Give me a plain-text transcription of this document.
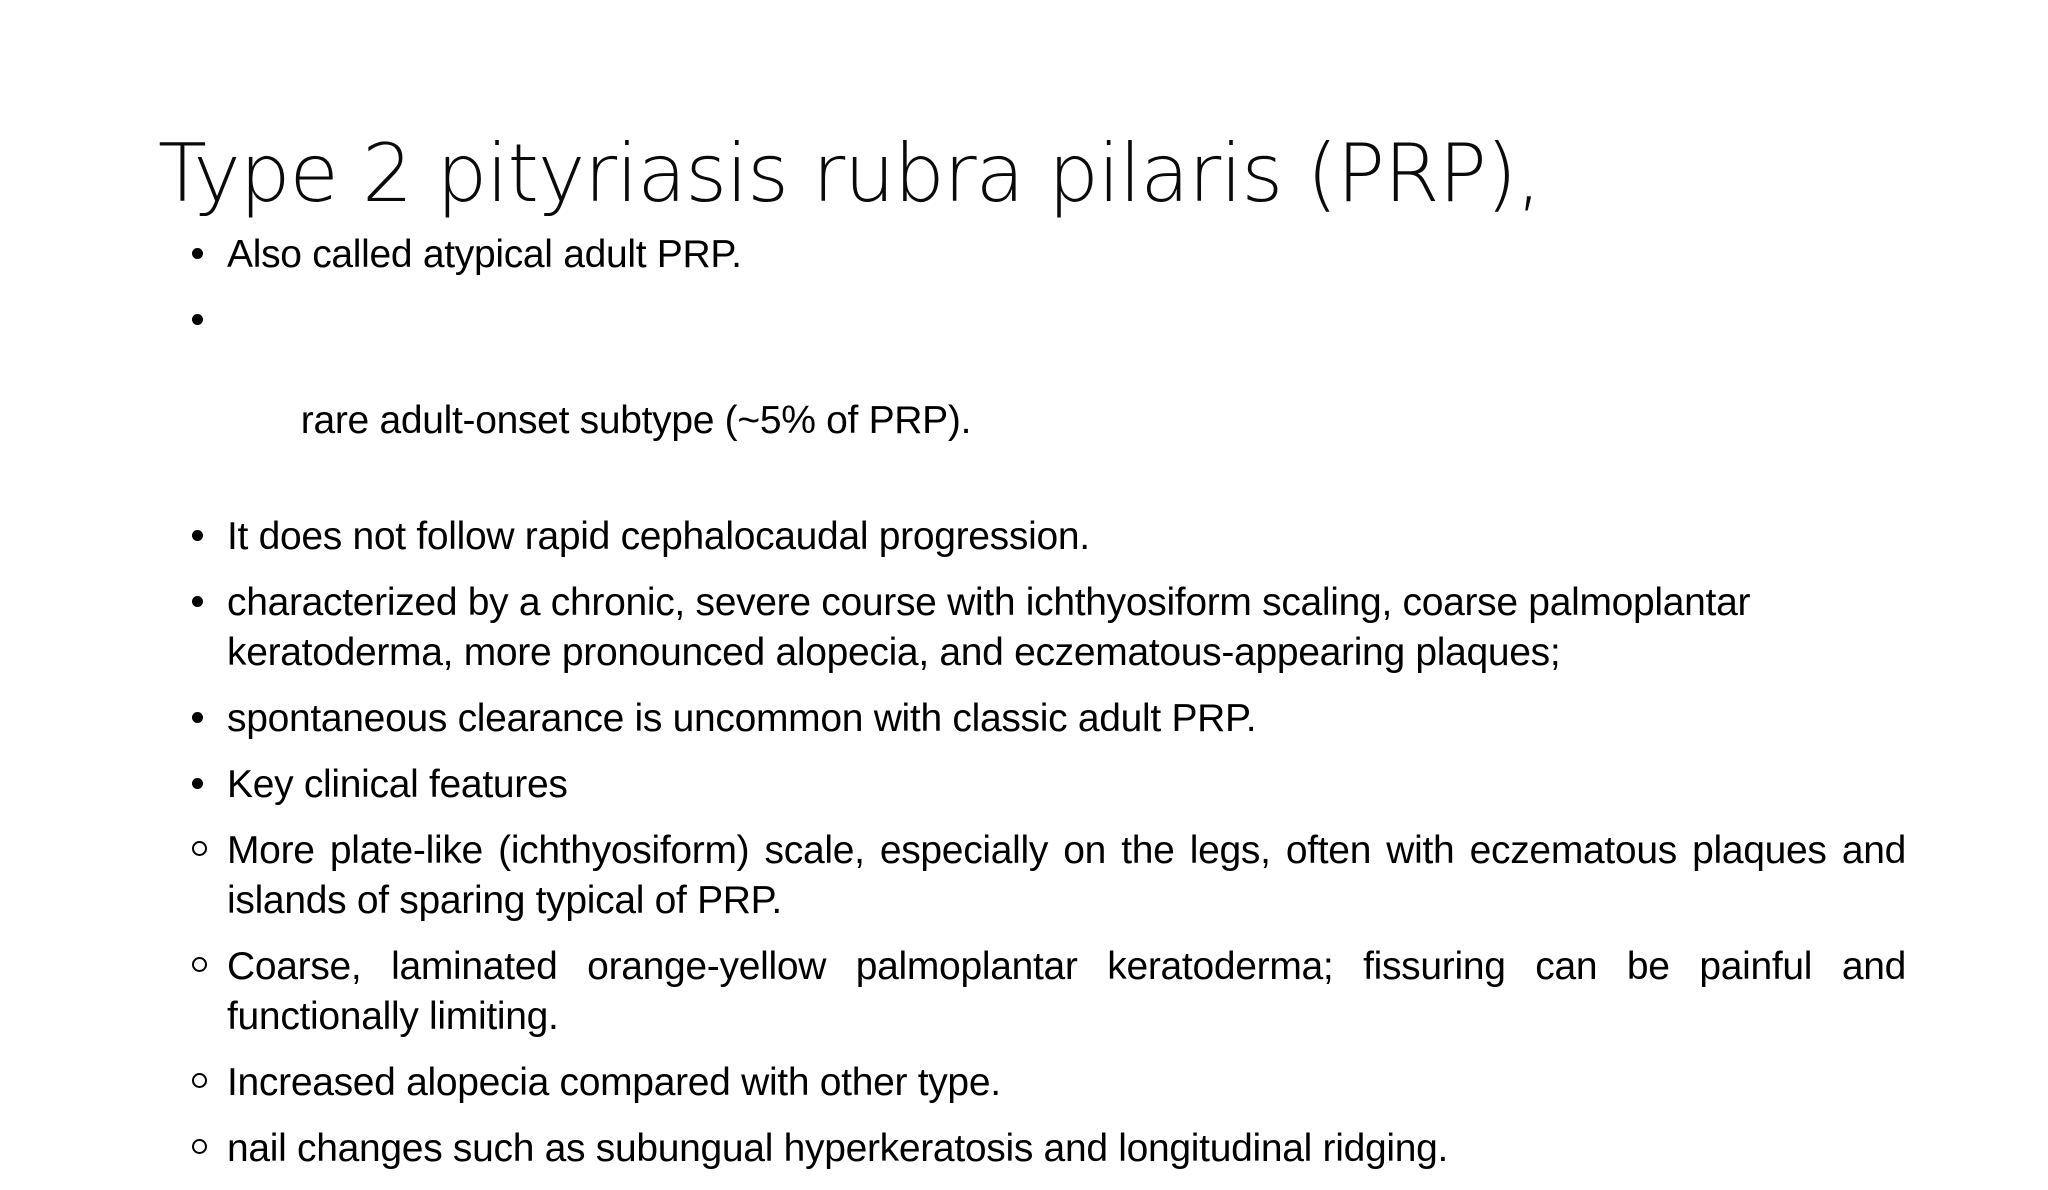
Type 2 pityriasis rubra pilaris (PRP),
Also called atypical adult PRP.

rare adult-onset subtype (~5% of PRP).

It does not follow rapid cephalocaudal progression.
characterized by a chronic, severe course with ichthyosiform scaling, coarse palmoplantar keratoderma, more pronounced alopecia, and eczematous-appearing plaques;
spontaneous clearance is uncommon with classic adult PRP.
Key clinical features
More plate-like (ichthyosiform) scale, especially on the legs, often with eczematous plaques and islands of sparing typical of PRP.
Coarse, laminated orange-yellow palmoplantar keratoderma; fissuring can be painful and functionally limiting.
Increased alopecia compared with other type.
nail changes such as subungual hyperkeratosis and longitudinal ridging.
